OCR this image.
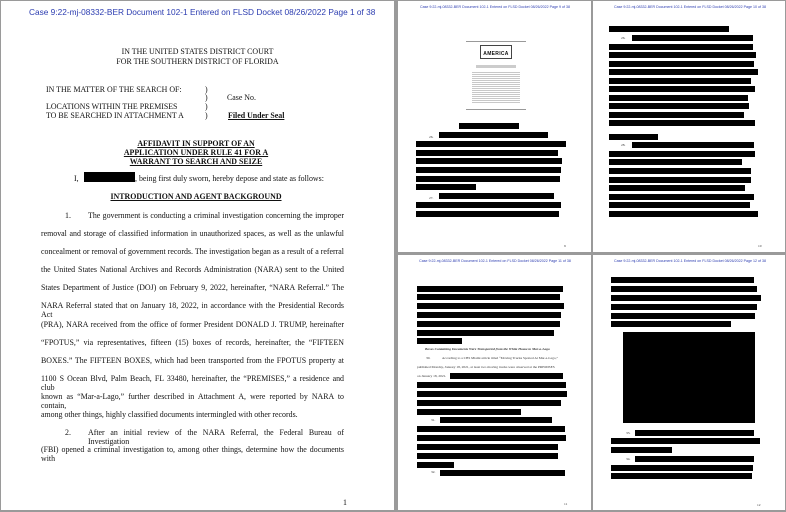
Case 9:22-mj-08332-BER Document 102-1 Entered on FLSD Docket 08/26/2022 Page 1 of 38
IN THE UNITED STATES DISTRICT COURT
FOR THE SOUTHERN DISTRICT OF FLORIDA
IN THE MATTER OF THE SEARCH OF:
LOCATIONS WITHIN THE PREMISES
TO BE SEARCHED IN ATTACHMENT A
)
)
)
)
Case No.
Filed Under Seal
AFFIDAVIT IN SUPPORT OF AN
APPLICATION UNDER RULE 41 FOR A
WARRANT TO SEARCH AND SEIZE
I,	, being first duly sworn, hereby depose and state as follows:
INTRODUCTION AND AGENT BACKGROUND
1. The government is conducting a criminal investigation concerning the improper
removal and storage of classified information in unauthorized spaces, as well as the unlawful
concealment or removal of government records. The investigation began as a result of a referral
the United States National Archives and Records Administration (NARA) sent to the United
States Department of Justice (DOJ) on February 9, 2022, hereinafter, “NARA Referral.” The
NARA Referral stated that on January 18, 2022, in accordance with the Presidential Records Act
(PRA), NARA received from the office of former President DONALD J. TRUMP, hereinafter
“FPOTUS,” via representatives, fifteen (15) boxes of records, hereinafter, the “FIFTEEN
BOXES.” The FIFTEEN BOXES, which had been transported from the FPOTUS property at
1100 S Ocean Blvd, Palm Beach, FL 33480, hereinafter, the “PREMISES,” a residence and club
known as “Mar-a-Lago,” further described in Attachment A, were reported by NARA to contain,
among other things, highly classified documents intermingled with other records.
2. After an initial review of the NARA Referral, the Federal Bureau of Investigation
(FBI) opened a criminal investigation to, among other things, determine how the documents with
1
Case 9:22-mj-08332-BER Document 102-1 Entered on FLSD Docket 08/26/2022 Page 9 of 38
AMERICA
26.
27.
9
Case 9:22-mj-08332-BER Document 102-1 Entered on FLSD Docket 08/26/2022 Page 10 of 38
26.
28.
10
Case 9:22-mj-08332-BER Document 102-1 Entered on FLSD Docket 08/26/2022 Page 11 of 38
Boxes Containing Documents Were Transported from the White House to Mar-a-Lago
30.	According to a CBS Miami article titled “Moving Trucks Spotted At Mar-a-Lago,”
published Monday, January 18, 2021, at least two moving trucks were observed at the PREMISES
on January 18, 2021.
31.
32.
11
Case 9:22-mj-08332-BER Document 102-1 Entered on FLSD Docket 08/26/2022 Page 12 of 38
33.
34.
12
